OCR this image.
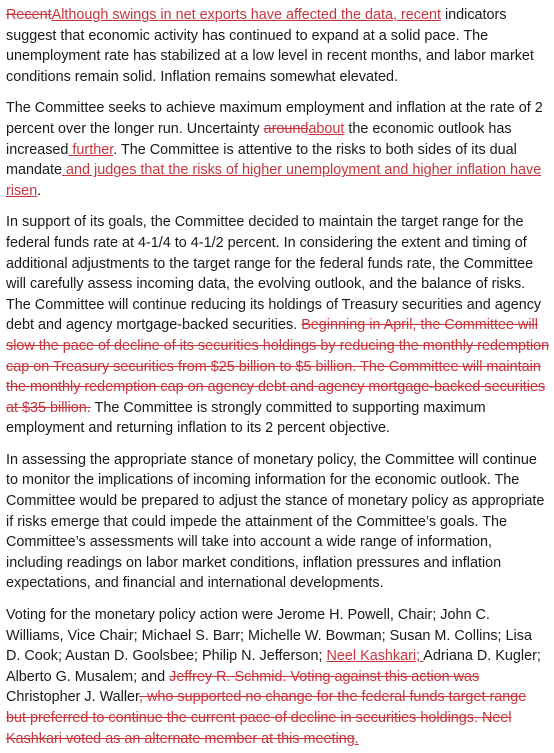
RecentAlthough swings in net exports have affected the data, recent indicators suggest that economic activity has continued to expand at a solid pace. The unemployment rate has stabilized at a low level in recent months, and labor market conditions remain solid. Inflation remains somewhat elevated.

The Committee seeks to achieve maximum employment and inflation at the rate of 2 percent over the longer run. Uncertainty aroundabout the economic outlook has increased further. The Committee is attentive to the risks to both sides of its dual mandate and judges that the risks of higher unemployment and higher inflation have risen.

In support of its goals, the Committee decided to maintain the target range for the federal funds rate at 4-1/4 to 4-1/2 percent. In considering the extent and timing of additional adjustments to the target range for the federal funds rate, the Committee will carefully assess incoming data, the evolving outlook, and the balance of risks. The Committee will continue reducing its holdings of Treasury securities and agency debt and agency mortgage-backed securities. Beginning in April, the Committee will slow the pace of decline of its securities holdings by reducing the monthly redemption cap on Treasury securities from $25 billion to $5 billion. The Committee will maintain the monthly redemption cap on agency debt and agency mortgage-backed securities at $35 billion. The Committee is strongly committed to supporting maximum employment and returning inflation to its 2 percent objective.

In assessing the appropriate stance of monetary policy, the Committee will continue to monitor the implications of incoming information for the economic outlook. The Committee would be prepared to adjust the stance of monetary policy as appropriate if risks emerge that could impede the attainment of the Committee’s goals. The Committee’s assessments will take into account a wide range of information, including readings on labor market conditions, inflation pressures and inflation expectations, and financial and international developments.

Voting for the monetary policy action were Jerome H. Powell, Chair; John C. Williams, Vice Chair; Michael S. Barr; Michelle W. Bowman; Susan M. Collins; Lisa D. Cook; Austan D. Goolsbee; Philip N. Jefferson; Neel Kashkari; Adriana D. Kugler; Alberto G. Musalem; and Jeffrey R. Schmid. Voting against this action was Christopher J. Waller, who supported no change for the federal funds target range but preferred to continue the current pace of decline in securities holdings. Neel Kashkari voted as an alternate member at this meeting.
